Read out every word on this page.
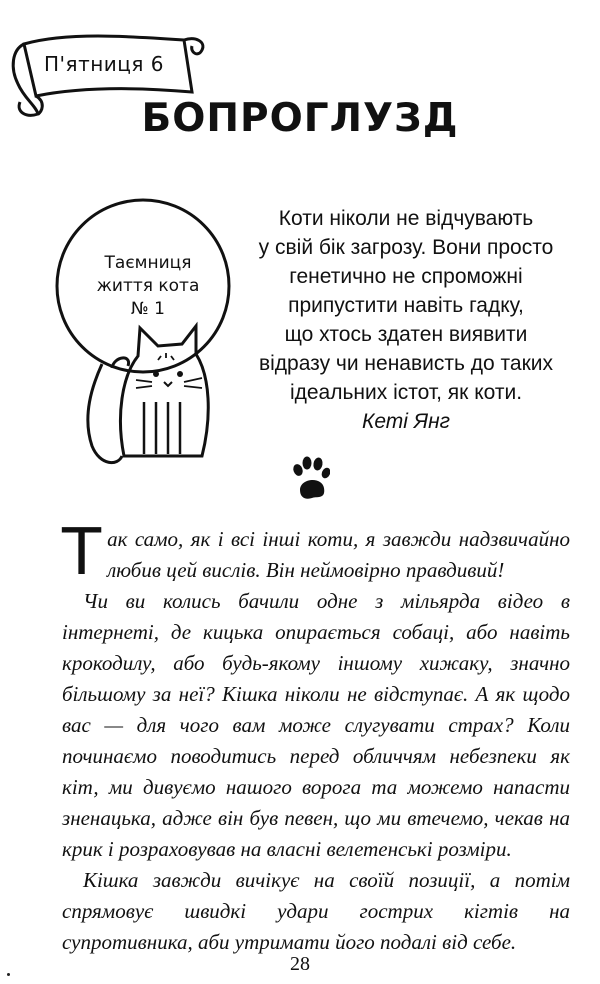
П'ятниця 6
БОПРОГЛУЗД
Таємниця
життя кота
№ 1

Коти ніколи не відчувають

у свій бік загрозу. Вони просто

генетично не спроможні

припустити навіть гадку,

що хтось здатен виявити

відразу чи ненависть до таких

ідеальних істот, як коти.

Кеті Янг

Так само, як і всі інші коти, я завжди надзвичайно любив цей вислів. Він неймовірно правдивий!

Чи ви колись бачили одне з мільярда відео в інтернеті, де кицька опирається собаці, або навіть крокодилу, або будь-якому іншому хижаку, значно більшому за неї? Кішка ніколи не відступає. А як щодо вас — для чого вам може слугувати страх? Коли починаємо поводитись перед обличчям небезпеки як кіт, ми дивуємо нашого ворога та можемо напасти зненацька, адже він був певен, що ми втечемо, чекав на крик і розраховував на власні велетенські розміри.

Кішка завжди вичікує на своїй позиції, а потім спрямовує швидкі удари гострих кігтів на супротивника, аби утримати його подалі від себе.

28
